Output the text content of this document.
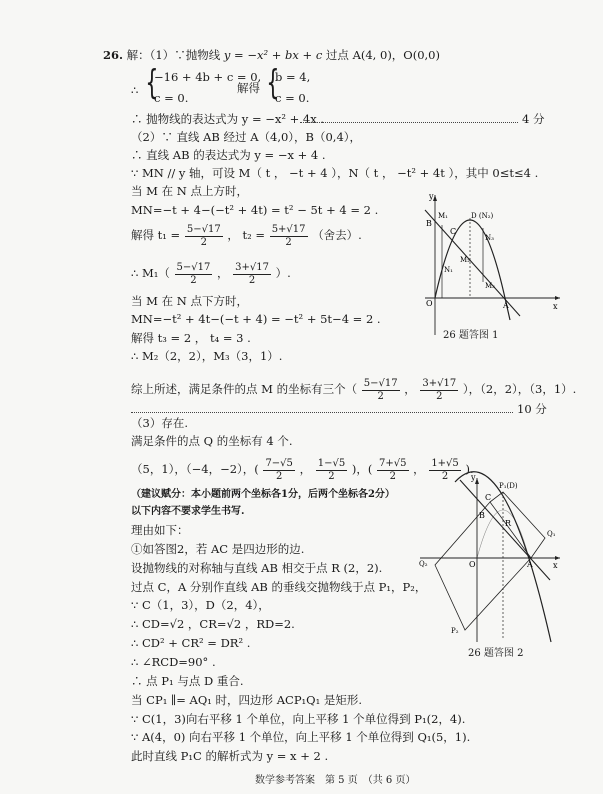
26. 解：（1）∵抛物线 y = −x² + bx + c 过点 A(4, 0)，O(0,0)
∴ {
−16 + 4b + c = 0,
c = 0.
解得 {
b = 4,
c = 0.
∴ 抛物线的表达式为 y = −x² + 4x .	4 分
（2）∵ 直线 AB 经过 A（4,0），B（0,4），
∴ 直线 AB 的表达式为 y = −x + 4 .
∵ MN // y 轴，可设 M（ t ， −t + 4 ），N（ t ， −t² + 4t ），其中 0≤t≤4 .
当 M 在 N 点上方时，
MN=−t + 4−(−t² + 4t) = t² − 5t + 4 = 2 .
解得 $t_1 = \frac{5-√17}{2}$ ， $t_2 = \frac{5+√17}{2}$ （舍去）.
∴ $M_1( \frac{5-√17}{2}$ ， $\frac{3+√17}{2}$ ）.
当 M 在 N 点下方时，
MN=−t² + 4t−(−t + 4) = −t² + 5t−4 = 2 .
解得 t₃ = 2 ， t₄ = 3 .
∴ M₂（2，2），M₃（3，1）.
综上所述，满足条件的点 M 的坐标有三个（ $\frac{5-√17}{2}$ ， $\frac{3+√17}{2}$ ），（2，2），（3，1）.
10 分
（3）存在.
满足条件的点 Q 的坐标有 4 个.
（5，1），（−4，−2），( $\frac{7-√5}{2}$ ， $\frac{1-√5}{2}$ )，( $\frac{7+√5}{2}$ ， $\frac{1+√5}{2}$ ).
（建议赋分：本小题前两个坐标各1分，后两个坐标各2分）
以下内容不要求学生书写.
理由如下：
①如答图2，若 AC 是四边形的边.
设抛物线的对称轴与直线 AB 相交于点 R (2，2).
过点 C，A 分别作直线 AB 的垂线交抛物线于点 P₁，P₂，
∵ C（1，3），D（2，4），
∴ CD=√2 ，CR=√2 ，RD=2.
∴ CD² + CR² = DR² .
∴ ∠RCD=90° .
∴ 点 P₁ 与点 D 重合.
当 CP₁ ∥= AQ₁ 时，四边形 ACP₁Q₁ 是矩形.
∵ C(1，3)向右平移 1 个单位，向上平移 1 个单位得到 P₁(2，4).
∵ A(4，0) 向右平移 1 个单位，向上平移 1 个单位得到 Q₁(5，1).
此时直线 P₁C 的解析式为 y = x + 2 .
数学参考答案　第 5 页　（共 6 页）
y
x
O	A
B
C
D (N₂)
M₁
N₁
M₂
N₃
M₃
26 题答图 1
y
x
O	A
B
C
R
P₁(D)
P₂
Q₁
Q₂
26 题答图 2
